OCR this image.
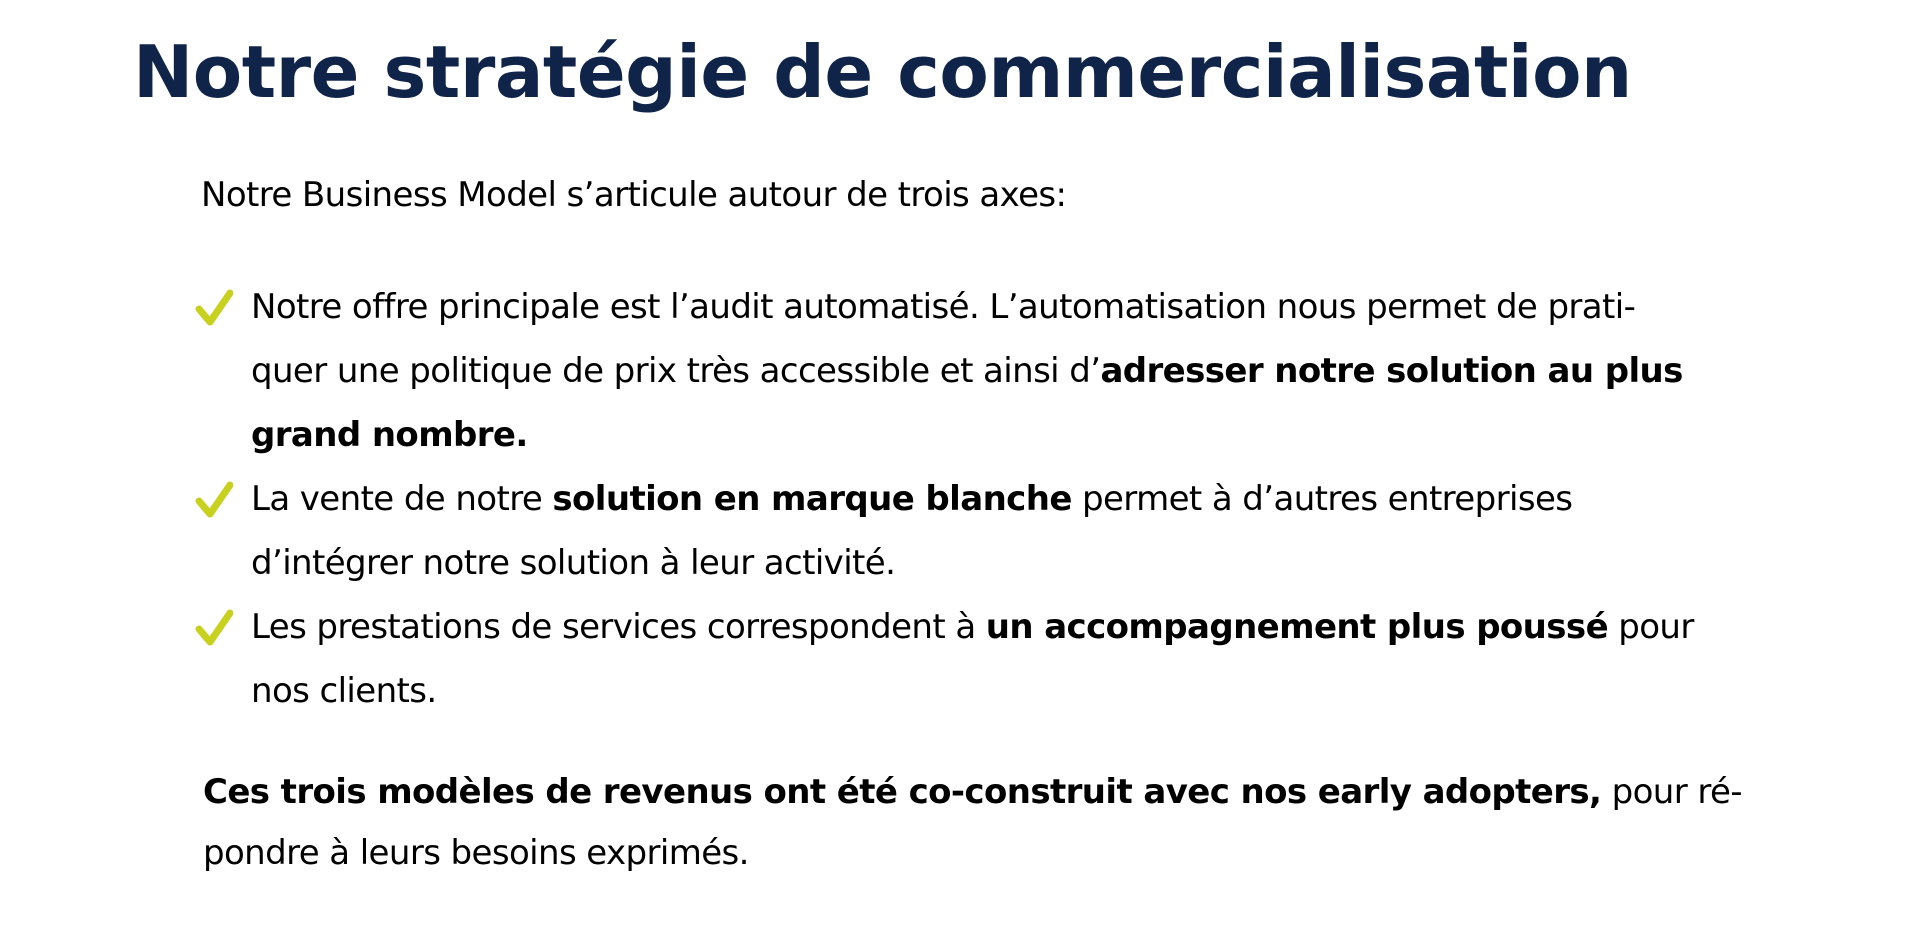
Notre stratégie de commercialisation

Notre Business Model s’articule autour de trois axes:

Notre offre principale est l’audit automatisé. L’automatisation nous permet de prati-
quer une politique de prix très accessible et ainsi d’adresser notre solution au plus
grand nombre.
La vente de notre solution en marque blanche permet à d’autres entreprises
d’intégrer notre solution à leur activité.
Les prestations de services correspondent à un accompagnement plus poussé pour
nos clients.

Ces trois modèles de revenus ont été co-construit avec nos early adopters, pour ré-
pondre à leurs besoins exprimés.
